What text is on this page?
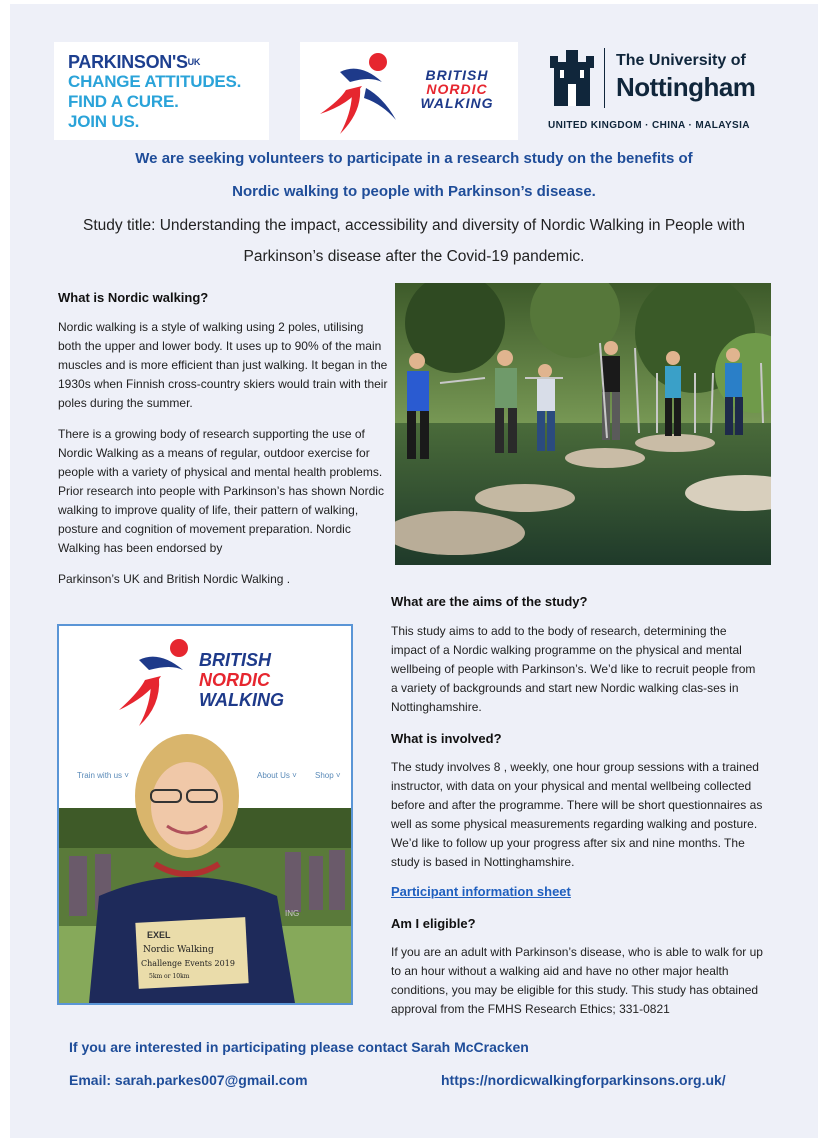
$PARKINSON'S^{UK}$
CHANGE ATTITUDES.
FIND A CURE.
JOIN US.
BRITISH
NORDIC
WALKING
The University of
Nottingham
UNITED KINGDOM · CHINA · MALAYSIA
We are seeking volunteers to participate in a research study on the benefits of
Nordic walking to people with Parkinson’s disease.
Study title: Understanding the impact, accessibility and diversity of Nordic Walking in People with Parkinson’s disease after the Covid-19 pandemic.
What is Nordic walking?
Nordic walking is a style of walking using 2 poles, utilising both the upper and lower body. It uses up to 90% of the main muscles and is more efficient than just walking. It began in the 1930s when Finnish cross-country skiers would train with their poles during the summer.
There is a growing body of research supporting the use of Nordic Walking as a means of regular, outdoor exercise for people with a variety of physical and mental health problems. Prior research into people with Parkinson’s has shown Nordic walking to improve quality of life, their pattern of walking, posture and cognition of movement preparation. Nordic Walking has been endorsed by
Parkinson’s UK and British Nordic Walking .
BRITISH
NORDIC
WALKING
Train with us ˅	About Us ˅ Shop ˅
EXEL
Nordic Walking
Challenge Events 2019
5km or 10km
ING
What are the aims of the study?
This study aims to add to the body of research, determining the impact of a Nordic walking programme on the physical and mental wellbeing of people with Parkinson’s. We’d like to recruit people from a variety of backgrounds and start new Nordic walking clas-ses in Nottinghamshire.
What is involved?
The study involves 8 , weekly, one hour group sessions with a trained instructor, with data on your physical and mental wellbeing collected before and after the programme. There will be short questionnaires as well as some physical measurements regarding walking and posture. We’d like to follow up your progress after six and nine months. The study is based in Nottinghamshire.
Participant information sheet
Am I eligible?
If you are an adult with Parkinson’s disease, who is able to walk for up to an hour without a walking aid and have no other major health conditions, you may be eligible for this study. This study has obtained approval from the FMHS Research Ethics; 331-0821
If you are interested in participating please contact Sarah McCracken
Email: sarah.parkes007@gmail.com	https://nordicwalkingforparkinsons.org.uk/
